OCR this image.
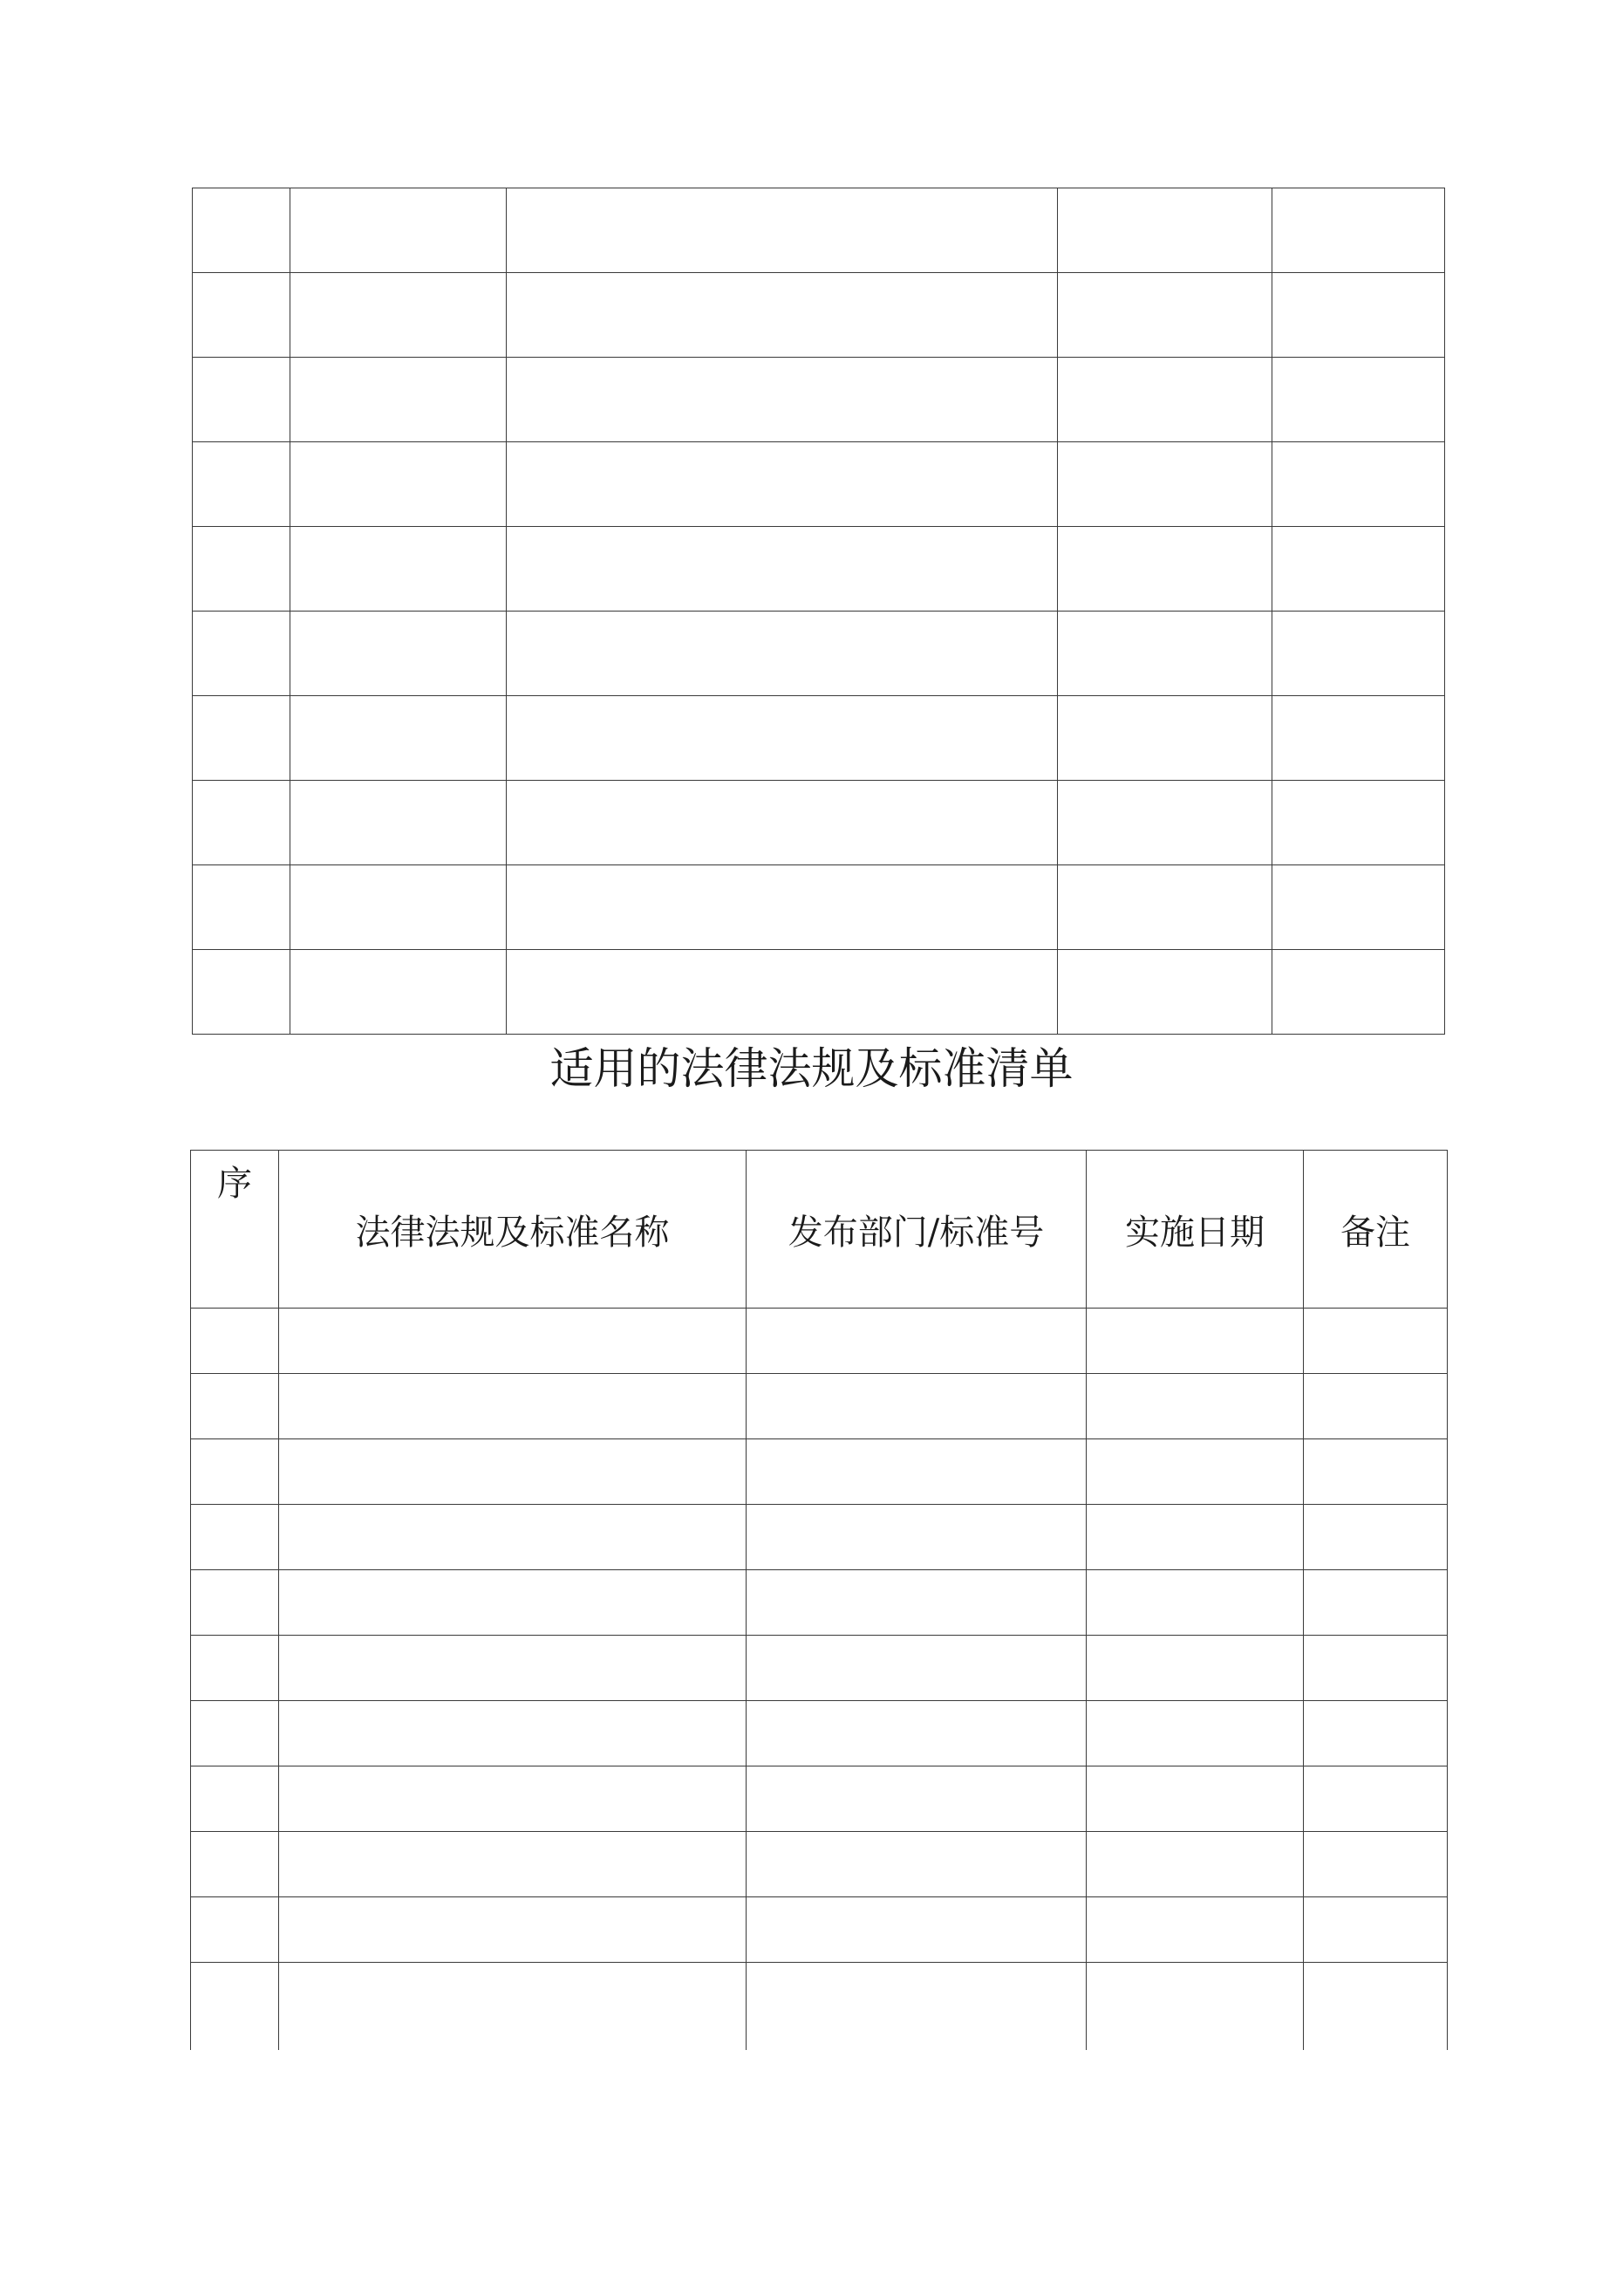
适用的法律法规及标准清单
序	法律法规及标准名称	发布部门/标准号	实施日期	备注
